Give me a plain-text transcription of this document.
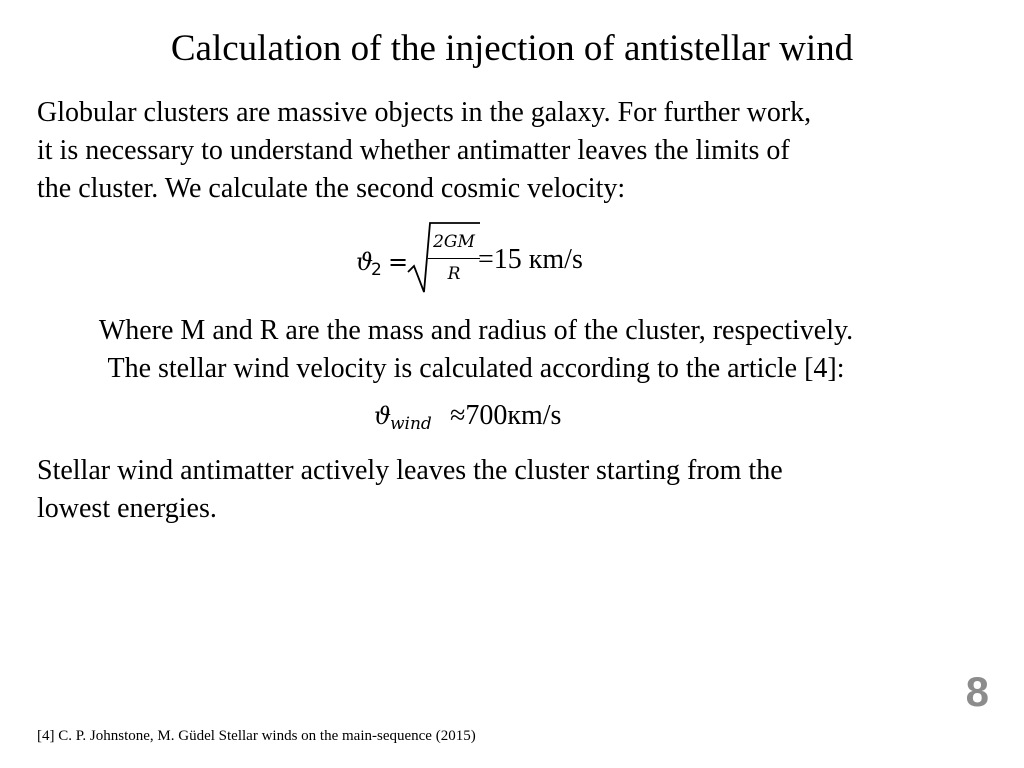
Calculation of the injection of antistellar wind
Globular clusters are massive objects in the galaxy. For further work,
it is necessary to understand whether antimatter leaves the limits of
the cluster. We calculate the second cosmic velocity:
ϑ
2 =
2GM
R =15 кm/s
Where M and R are the mass and radius of the cluster, respectively.
The stellar wind velocity is calculated according to the article [4]:
ϑ
wind ≈700кm/s
Stellar wind antimatter actively leaves the cluster starting from the
lowest energies.
8
[4] C. P. Johnstone, M. Güdel Stellar winds on the main-sequence (2015)
